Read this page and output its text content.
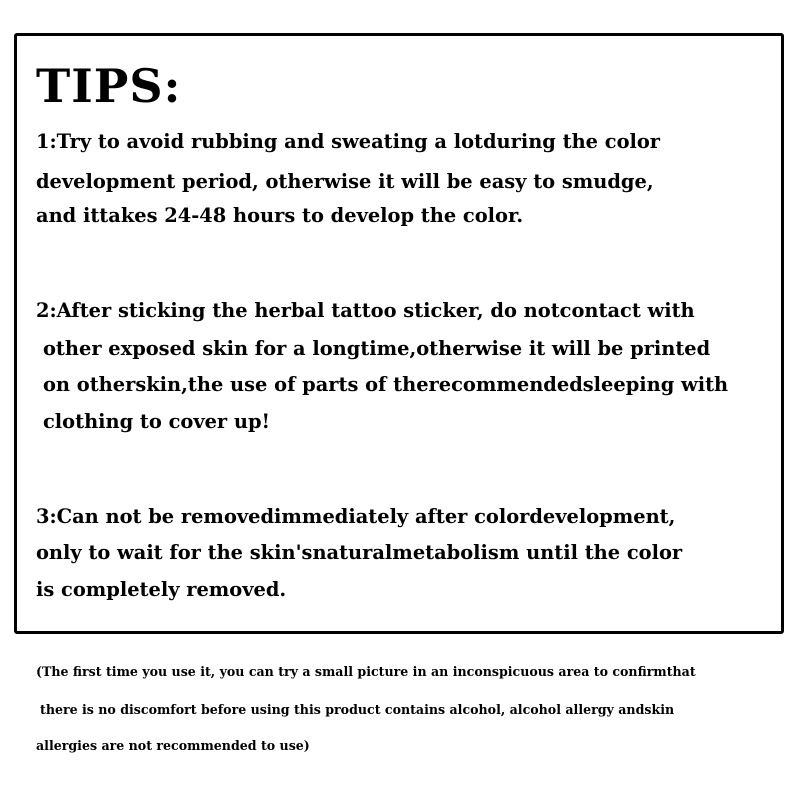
TIPS:

1:Try to avoid rubbing and sweating a lotduring the color

development period, otherwise it will be easy to smudge,

and ittakes 24-48 hours to develop the color.

2:After sticking the herbal tattoo sticker, do notcontact with

other exposed skin for a longtime,otherwise it will be printed

on otherskin,the use of parts of therecommendedsleeping with

clothing to cover up!

3:Can not be removedimmediately after colordevelopment,

only to wait for the skin'snaturalmetabolism until the color

is completely removed.

(The first time you use it, you can try a small picture in an inconspicuous area to confirmthat

there is no discomfort before using this product contains alcohol, alcohol allergy andskin

allergies are not recommended to use)
